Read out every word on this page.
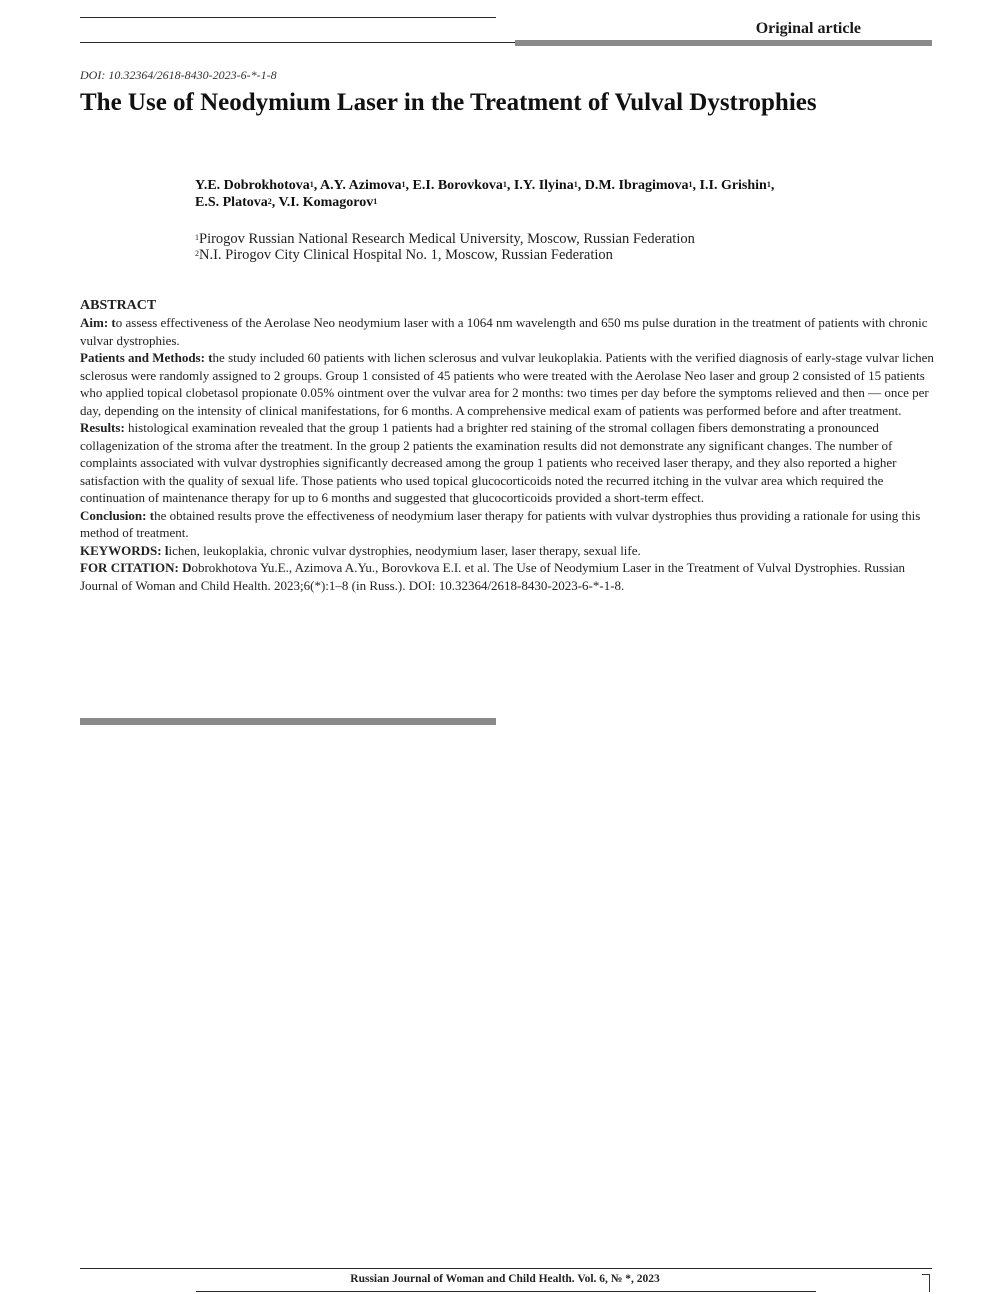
Original article
DOI: 10.32364/2618-8430-2023-6-*-1-8
The Use of Neodymium Laser in the Treatment of Vulval Dystrophies

Y.E. Dobrokhotova$^1$, A.Y. Azimova$^1$, E.I. Borovkova$^1$, I.Y. Ilyina$^1$, D.M. Ibragimova$^1$, I.I. Grishin$^1$,
E.S. Platova$^2$, V.I. Komagorov$^1$

$^1$Pirogov Russian National Research Medical University, Moscow, Russian Federation
$^2$N.I. Pirogov City Clinical Hospital No. 1, Moscow, Russian Federation

ABSTRACT

Aim: to assess effectiveness of the Aerolase Neo neodymium laser with a 1064 nm wavelength and 650 ms pulse duration in the treatment of patients with chronic vulvar dystrophies.

Patients and Methods: the study included 60 patients with lichen sclerosus and vulvar leukoplakia. Patients with the verified diagnosis of early-stage vulvar lichen sclerosus were randomly assigned to 2 groups. Group 1 consisted of 45 patients who were treated with the Aerolase Neo laser and group 2 consisted of 15 patients who applied topical clobetasol propionate 0.05% ointment over the vulvar area for 2 months: two times per day before the symptoms relieved and then — once per day, depending on the intensity of clinical manifestations, for 6 months. A comprehensive medical exam of patients was performed before and after treatment.

Results: histological examination revealed that the group 1 patients had a brighter red staining of the stromal collagen fibers demonstrating a pronounced collagenization of the stroma after the treatment. In the group 2 patients the examination results did not demonstrate any significant changes. The number of complaints associated with vulvar dystrophies significantly decreased among the group 1 patients who received laser therapy, and they also reported a higher satisfaction with the quality of sexual life. Those patients who used topical glucocorticoids noted the recurred itching in the vulvar area which required the continuation of maintenance therapy for up to 6 months and suggested that glucocorticoids provided a short-term effect.

Conclusion: the obtained results prove the effectiveness of neodymium laser therapy for patients with vulvar dystrophies thus providing a rationale for using this method of treatment.

KEYWORDS: lichen, leukoplakia, chronic vulvar dystrophies, neodymium laser, laser therapy, sexual life.

FOR CITATION: Dobrokhotova Yu.E., Azimova A.Yu., Borovkova E.I. et al. The Use of Neodymium Laser in the Treatment of Vulval Dystrophies. Russian Journal of Woman and Child Health. 2023;6(*):1–8 (in Russ.). DOI: 10.32364/2618-8430-2023-6-*-1-8.

Russian Journal of Woman and Child Health. Vol. 6, № *, 2023
